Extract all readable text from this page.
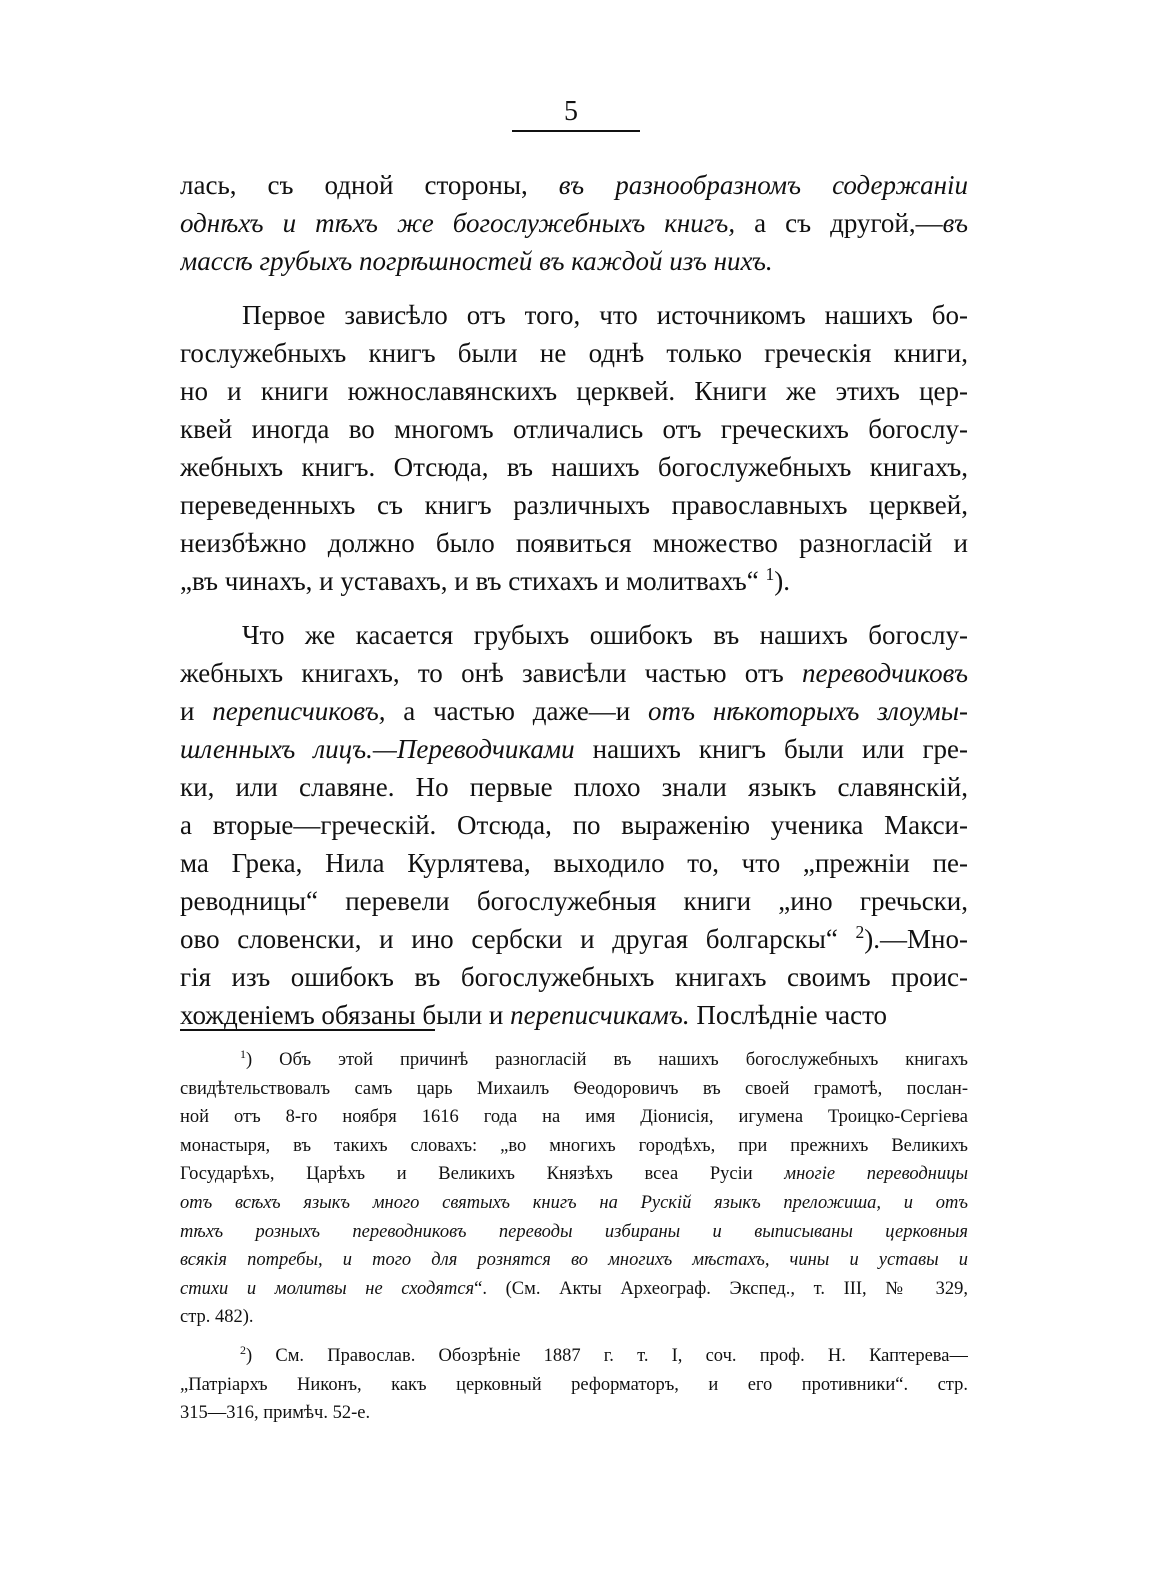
5
лась, съ одной стороны, въ разнообразномъ содержанiи
однѣхъ и тѣхъ же богослужебныхъ книгъ, а съ другой,—въ
массѣ грубыхъ погрѣшностей въ каждой изъ нихъ.
Первое зависѣло отъ того, что источникомъ нашихъ бо-
гослужебныхъ книгъ были не однѣ только греческiя книги,
но и книги южнославянскихъ церквей. Книги же этихъ цер-
квей иногда во многомъ отличались отъ греческихъ богослу-
жебныхъ книгъ. Отсюда, въ нашихъ богослужебныхъ книгахъ,
переведенныхъ съ книгъ различныхъ православныхъ церквей,
неизбѣжно должно было появиться множество разногласiй и
„въ чинахъ, и уставахъ, и въ стихахъ и молитвахъ“ $^1$).
Что же касается грубыхъ ошибокъ въ нашихъ богослу-
жебныхъ книгахъ, то онѣ зависѣли частью отъ переводчиковъ
и переписчиковъ, а частью даже—и отъ нѣкоторыхъ злоумы-
шленныхъ лицъ.—Переводчиками нашихъ книгъ были или гре-
ки, или славяне. Но первые плохо знали языкъ славянскiй,
а вторые—греческiй. Отсюда, по выраженiю ученика Макси-
ма Грека, Нила Курлятева, выходило то, что „прежнiи пе-
реводницы“ перевели богослужебныя книги „ино гречьски,
ово словенски, и ино сербски и другая болгарскы“ $^2$).—Мно-
гiя изъ ошибокъ въ богослужебныхъ книгахъ своимъ проис-
хожденiемъ обязаны были и переписчикамъ. Послѣднiе часто
$^1$) Объ этой причинѣ разногласiй въ нашихъ богослужебныхъ книгахъ
свидѣтельствовалъ самъ царь Михаилъ Ѳеодоровичъ въ своей грамотѣ, послан-
ной отъ 8-го ноября 1616 года на имя Дiонисiя, игумена Троицко-Сергiева
монастыря, въ такихъ словахъ: „во многихъ городѣхъ, при прежнихъ Великихъ
Государѣхъ, Царѣхъ и Великихъ Князѣхъ всеа Русiи многiе переводницы
отъ всѣхъ языкъ много святыхъ книгъ на Рускiй языкъ преложиша, и отъ
тѣхъ розныхъ переводниковъ переводы избираны и выписываны церковныя
всякiя потребы, и того для рознятся во многихъ мѣстахъ, чины и уставы и
стихи и молитвы не сходятся“. (См. Акты Археограф. Экспед., т. III, № 329,
стр. 482).
$^2$) См. Православ. Обозрѣнiе 1887 г. т. I, соч. проф. Н. Каптерева—
„Патрiархъ Никонъ, какъ церковный реформаторъ, и его противники“. стр.
315—316, примѣч. 52-е.
